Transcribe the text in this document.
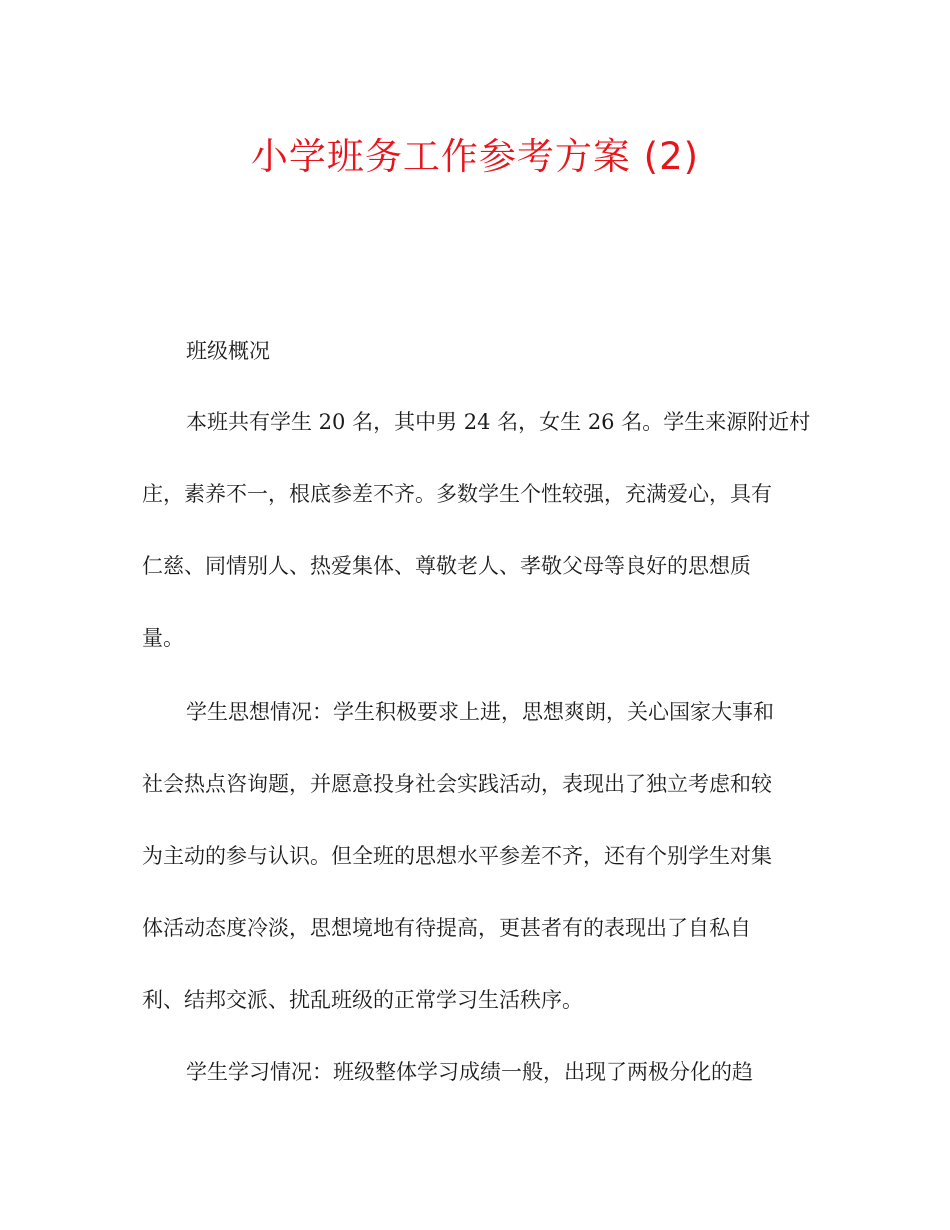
小学班务工作参考方案 (2)
班级概况
本班共有学生 20 名，其中男 24 名，女生 26 名。学生来源附近村
庄，素养不一，根底参差不齐。多数学生个性较强，充满爱心，具有
仁慈、同情别人、热爱集体、尊敬老人、孝敬父母等良好的思想质
量。
学生思想情况：学生积极要求上进，思想爽朗，关心国家大事和
社会热点咨询题，并愿意投身社会实践活动，表现出了独立考虑和较
为主动的参与认识。但全班的思想水平参差不齐，还有个别学生对集
体活动态度冷淡，思想境地有待提高，更甚者有的表现出了自私自
利、结邦交派、扰乱班级的正常学习生活秩序。
学生学习情况：班级整体学习成绩一般，出现了两极分化的趋
